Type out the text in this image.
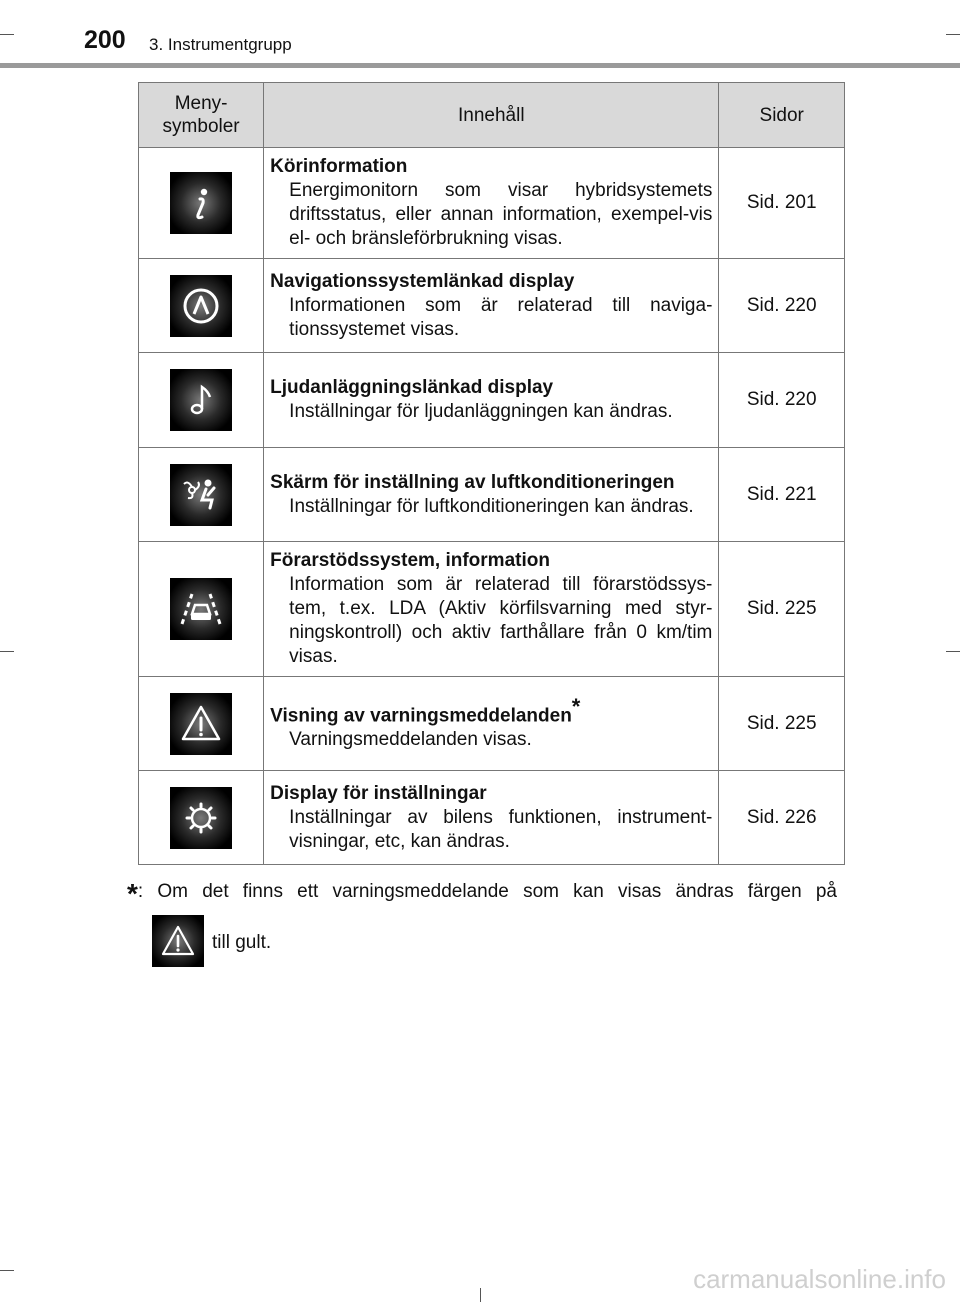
200 3. Instrumentgrupp
Meny-
symboler	Innehåll	Sidor

Körinformation
Energimonitorn som visar hybridsystemets driftsstatus, eller annan information, exempel-vis el- och bränsleförbrukning visas.	Sid. 201

Navigationssystemlänkad display
Informationen som är relaterad till naviga-tionssystemet visas.	Sid. 220

Ljudanläggningslänkad display
Inställningar för ljudanläggningen kan ändras.	Sid. 220

Skärm för inställning av luftkonditioneringen
Inställningar för luftkonditioneringen kan ändras.	Sid. 221

Förarstödssystem, information
Information som är relaterad till förarstödssys-tem, t.ex. LDA (Aktiv körfilsvarning med styr-ningskontroll) och aktiv farthållare från 0 km/tim visas.	Sid. 225

Visning av varningsmeddelanden*
Varningsmeddelanden visas.	Sid. 225

Display för inställningar
Inställningar av bilens funktionen, instrument-visningar, etc, kan ändras.	Sid. 226
*: Om det finns ett varningsmeddelande som kan visas ändras färgen på
till gult.
carmanualsonline.info
